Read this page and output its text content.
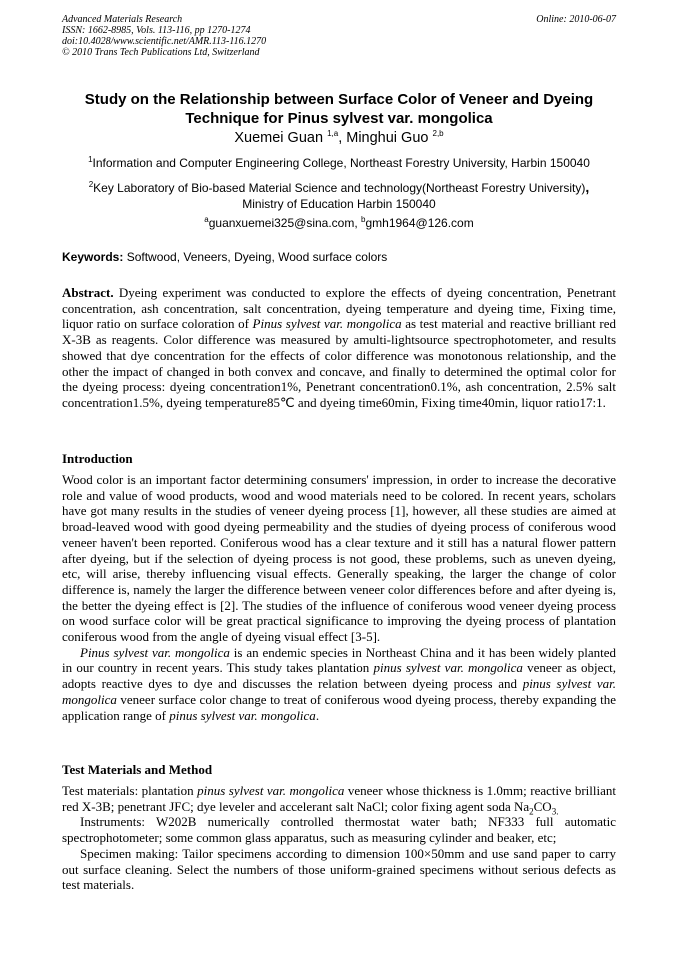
Advanced Materials Research
ISSN: 1662-8985, Vols. 113-116, pp 1270-1274
doi:10.4028/www.scientific.net/AMR.113-116.1270
© 2010 Trans Tech Publications Ltd, Switzerland
Online: 2010-06-07
Study on the Relationship between Surface Color of Veneer and Dyeing
Technique for Pinus sylvest var. mongolica
Xuemei Guan $^{1,a}$, Minghui Guo $^{2,b}$
$^1$Information and Computer Engineering College, Northeast Forestry University, Harbin 150040
$^2$Key Laboratory of Bio-based Material Science and technology(Northeast Forestry University),
Ministry of Education Harbin 150040
$^a$guanxuemei325@sina.com, $^b$gmh1964@126.com
Keywords: Softwood, Veneers, Dyeing, Wood surface colors
Abstract. Dyeing experiment was conducted to explore the effects of dyeing concentration, Penetrant concentration, ash concentration, salt concentration, dyeing temperature and dyeing time, Fixing time, liquor ratio on surface coloration of Pinus sylvest var. mongolica as test material and reactive brilliant red X-3B as reagents. Color difference was measured by amulti-lightsource spectrophotometer, and results showed that dye concentration for the effects of color difference was monotonous relationship, and the other the impact of changed in both convex and concave, and finally to determined the optimal color for the dyeing process: dyeing concentration1%, Penetrant concentration0.1%, ash concentration, 2.5% salt concentration1.5%, dyeing temperature85℃ and dyeing time60min, Fixing time40min, liquor ratio17:1.
Introduction

Wood color is an important factor determining consumers' impression, in order to increase the decorative role and value of wood products, wood and wood materials need to be colored. In recent years, scholars have got many results in the studies of veneer dyeing process [1], however, all these studies are aimed at broad-leaved wood with good dyeing permeability and the studies of dyeing process of coniferous wood veneer haven't been reported. Coniferous wood has a clear texture and it still has a natural flower pattern after dyeing, but if the selection of dyeing process is not good, these problems, such as uneven dyeing, etc, will arise, thereby influencing visual effects. Generally speaking, the larger the change of color difference is, namely the larger the difference between veneer color differences before and after dyeing is, the better the dyeing effect is [2]. The studies of the influence of coniferous wood veneer dyeing process on wood surface color will be great practical significance to improving the dyeing process of plantation coniferous wood from the angle of dyeing visual effect [3-5].

Pinus sylvest var. mongolica is an endemic species in Northeast China and it has been widely planted in our country in recent years. This study takes plantation pinus sylvest var. mongolica veneer as object, adopts reactive dyes to dye and discusses the relation between dyeing process and pinus sylvest var. mongolica veneer surface color change to treat of coniferous wood dyeing process, thereby expanding the application range of pinus sylvest var. mongolica.

Test Materials and Method

Test materials: plantation pinus sylvest var. mongolica veneer whose thickness is 1.0mm; reactive brilliant red X-3B; penetrant JFC; dye leveler and accelerant salt NaCl; color fixing agent soda $Na_2CO_{3.}$

Instruments: W202B numerically controlled thermostat water bath; NF333 full automatic spectrophotometer; some common glass apparatus, such as measuring cylinder and beaker, etc;

Specimen making: Tailor specimens according to dimension 100×50mm and use sand paper to carry out surface cleaning. Select the numbers of those uniform-grained specimens without serious defects as test materials.
